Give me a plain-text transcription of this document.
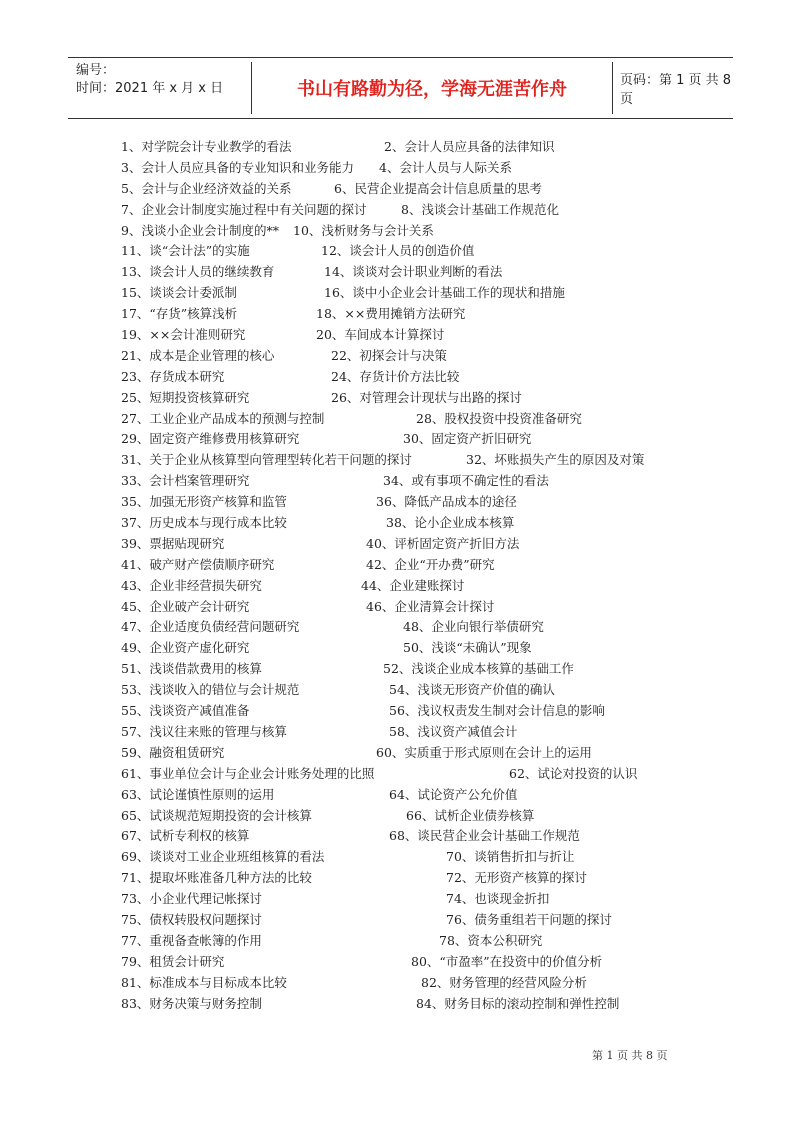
编号：
时间：2021 年 x 月 x 日	书山有路勤为径，学海无涯苦作舟	页码：第 1 页 共 8 页
1、对学院会计专业教学的看法	2、会计人员应具备的法律知识
3、会计人员应具备的专业知识和业务能力 4、会计人员与人际关系
5、会计与企业经济效益的关系	6、民营企业提高会计信息质量的思考
7、企业会计制度实施过程中有关问题的探讨	8、浅谈会计基础工作规范化
9、浅谈小企业会计制度的** 10、浅析财务与会计关系
11、谈“会计法”的实施	12、谈会计人员的创造价值
13、谈会计人员的继续教育	14、谈谈对会计职业判断的看法
15、谈谈会计委派制	16、谈中小企业会计基础工作的现状和措施
17、“存货”核算浅析	18、××费用摊销方法研究
19、××会计准则研究	20、车间成本计算探讨
21、成本是企业管理的核心	22、初探会计与决策
23、存货成本研究	24、存货计价方法比较
25、短期投资核算研究	26、对管理会计现状与出路的探讨
27、工业企业产品成本的预测与控制	28、股权投资中投资准备研究
29、固定资产维修费用核算研究	30、固定资产折旧研究
31、关于企业从核算型向管理型转化若干问题的探讨	32、坏账损失产生的原因及对策
33、会计档案管理研究	34、或有事项不确定性的看法
35、加强无形资产核算和监管	36、降低产品成本的途径
37、历史成本与现行成本比较	38、论小企业成本核算
39、票据贴现研究	40、评析固定资产折旧方法
41、破产财产偿债顺序研究	42、企业“开办费”研究
43、企业非经营损失研究	44、企业建账探讨
45、企业破产会计研究	46、企业清算会计探讨
47、企业适度负债经营问题研究	48、企业向银行举债研究
49、企业资产虚化研究	50、浅谈“未确认”现象
51、浅谈借款费用的核算	52、浅谈企业成本核算的基础工作
53、浅谈收入的错位与会计规范	54、浅谈无形资产价值的确认
55、浅谈资产减值准备	56、浅议权责发生制对会计信息的影响
57、浅议往来账的管理与核算	58、浅议资产减值会计
59、融资租赁研究	60、实质重于形式原则在会计上的运用
61、事业单位会计与企业会计账务处理的比照	62、试论对投资的认识
63、试论谨慎性原则的运用	64、试论资产公允价值
65、试谈规范短期投资的会计核算	66、试析企业债券核算
67、试析专利权的核算	68、谈民营企业会计基础工作规范
69、谈谈对工业企业班组核算的看法	70、谈销售折扣与折让
71、提取坏账准备几种方法的比较	72、无形资产核算的探讨
73、小企业代理记帐探讨	74、也谈现金折扣
75、债权转股权问题探讨	76、债务重组若干问题的探讨
77、重视备查帐簿的作用	78、资本公积研究
79、租赁会计研究	80、“市盈率”在投资中的价值分析
81、标准成本与目标成本比较	82、财务管理的经营风险分析
83、财务决策与财务控制	84、财务目标的滚动控制和弹性控制
第 1 页 共 8 页
